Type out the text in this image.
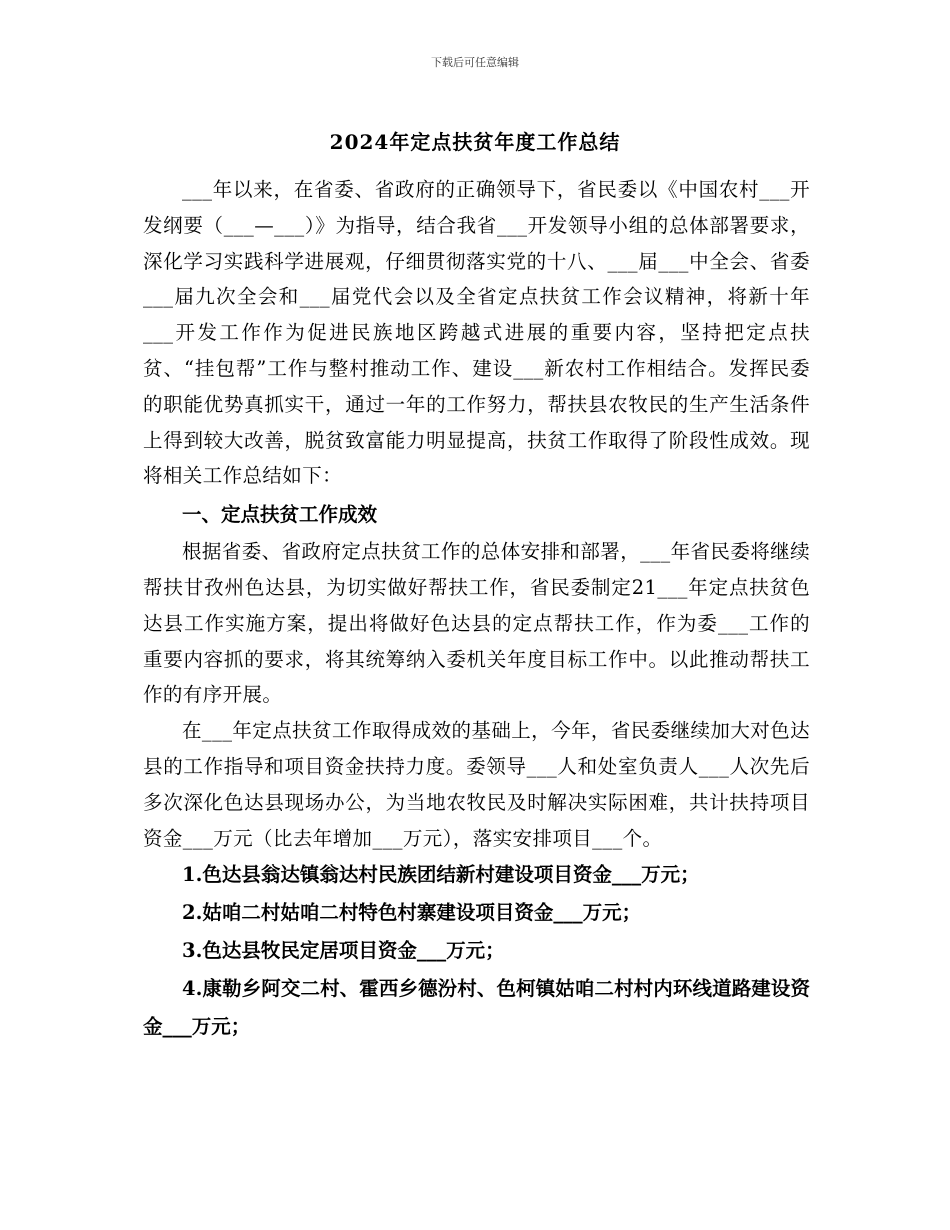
下载后可任意编辑
2024年定点扶贫年度工作总结

___年以来，在省委、省政府的正确领导下，省民委以《中国农村___开发纲要（___—___）》为指导，结合我省___开发领导小组的总体部署要求，深化学习实践科学进展观，仔细贯彻落实党的十八、___届___中全会、省委___届九次全会和___届党代会以及全省定点扶贫工作会议精神，将新十年___开发工作作为促进民族地区跨越式进展的重要内容，坚持把定点扶贫、“挂包帮”工作与整村推动工作、建设___新农村工作相结合。发挥民委的职能优势真抓实干，通过一年的工作努力，帮扶县农牧民的生产生活条件上得到较大改善，脱贫致富能力明显提高，扶贫工作取得了阶段性成效。现将相关工作总结如下：

一、定点扶贫工作成效

根据省委、省政府定点扶贫工作的总体安排和部署，___年省民委将继续帮扶甘孜州色达县，为切实做好帮扶工作，省民委制定21___年定点扶贫色达县工作实施方案，提出将做好色达县的定点帮扶工作，作为委___工作的重要内容抓的要求，将其统筹纳入委机关年度目标工作中。以此推动帮扶工作的有序开展。

在___年定点扶贫工作取得成效的基础上，今年，省民委继续加大对色达县的工作指导和项目资金扶持力度。委领导___人和处室负责人___人次先后多次深化色达县现场办公，为当地农牧民及时解决实际困难，共计扶持项目资金___万元（比去年增加___万元），落实安排项目___个。

1.色达县翁达镇翁达村民族团结新村建设项目资金___万元；

2.姑咱二村姑咱二村特色村寨建设项目资金___万元；

3.色达县牧民定居项目资金___万元；

4.康勒乡阿交二村、霍西乡德汾村、色柯镇姑咱二村村内环线道路建设资金___万元；
